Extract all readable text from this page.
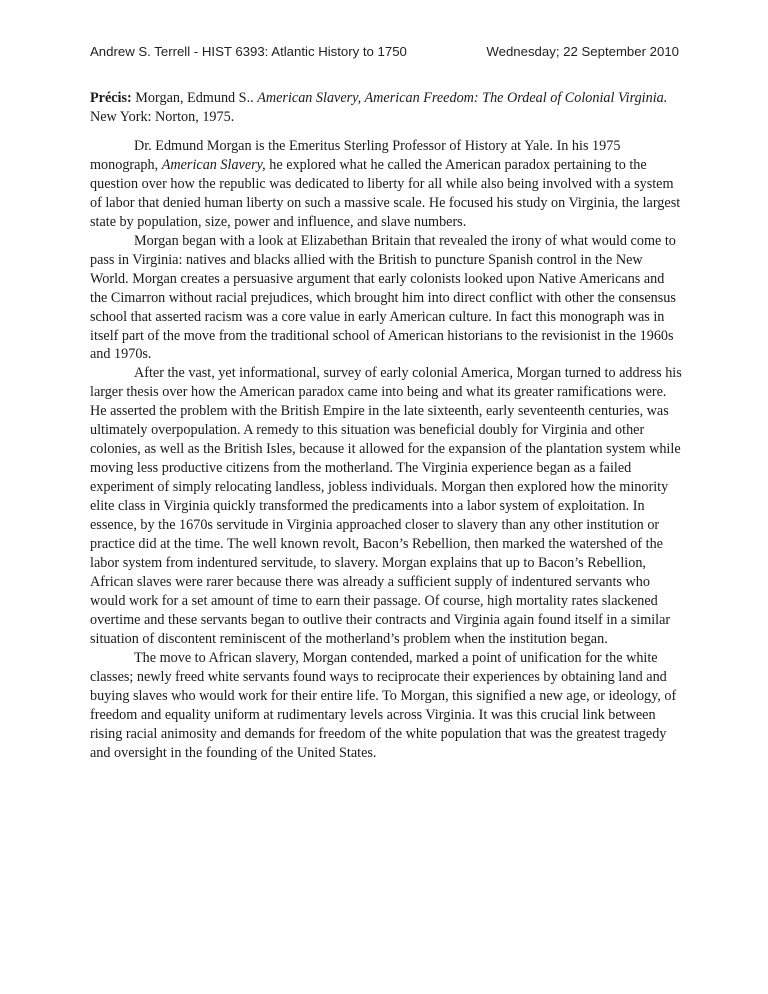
Andrew S. Terrell - HIST 6393: Atlantic History to 1750	Wednesday; 22 September 2010
Précis: Morgan, Edmund S.. American Slavery, American Freedom: The Ordeal of Colonial Virginia. New York: Norton, 1975.

Dr. Edmund Morgan is the Emeritus Sterling Professor of History at Yale. In his 1975 monograph, American Slavery, he explored what he called the American paradox pertaining to the question over how the republic was dedicated to liberty for all while also being involved with a system of labor that denied human liberty on such a massive scale. He focused his study on Virginia, the largest state by population, size, power and influence, and slave numbers.

Morgan began with a look at Elizabethan Britain that revealed the irony of what would come to pass in Virginia: natives and blacks allied with the British to puncture Spanish control in the New World. Morgan creates a persuasive argument that early colonists looked upon Native Americans and the Cimarron without racial prejudices, which brought him into direct conflict with other the consensus school that asserted racism was a core value in early American culture. In fact this monograph was in itself part of the move from the traditional school of American historians to the revisionist in the 1960s and 1970s.

After the vast, yet informational, survey of early colonial America, Morgan turned to address his larger thesis over how the American paradox came into being and what its greater ramifications were. He asserted the problem with the British Empire in the late sixteenth, early seventeenth centuries, was ultimately overpopulation. A remedy to this situation was beneficial doubly for Virginia and other colonies, as well as the British Isles, because it allowed for the expansion of the plantation system while moving less productive citizens from the motherland. The Virginia experience began as a failed experiment of simply relocating landless, jobless individuals. Morgan then explored how the minority elite class in Virginia quickly transformed the predicaments into a labor system of exploitation. In essence, by the 1670s servitude in Virginia approached closer to slavery than any other institution or practice did at the time. The well known revolt, Bacon’s Rebellion, then marked the watershed of the labor system from indentured servitude, to slavery. Morgan explains that up to Bacon’s Rebellion, African slaves were rarer because there was already a sufficient supply of indentured servants who would work for a set amount of time to earn their passage. Of course, high mortality rates slackened overtime and these servants began to outlive their contracts and Virginia again found itself in a similar situation of discontent reminiscent of the motherland’s problem when the institution began.

The move to African slavery, Morgan contended, marked a point of unification for the white classes; newly freed white servants found ways to reciprocate their experiences by obtaining land and buying slaves who would work for their entire life. To Morgan, this signified a new age, or ideology, of freedom and equality uniform at rudimentary levels across Virginia. It was this crucial link between rising racial animosity and demands for freedom of the white population that was the greatest tragedy and oversight in the founding of the United States.
